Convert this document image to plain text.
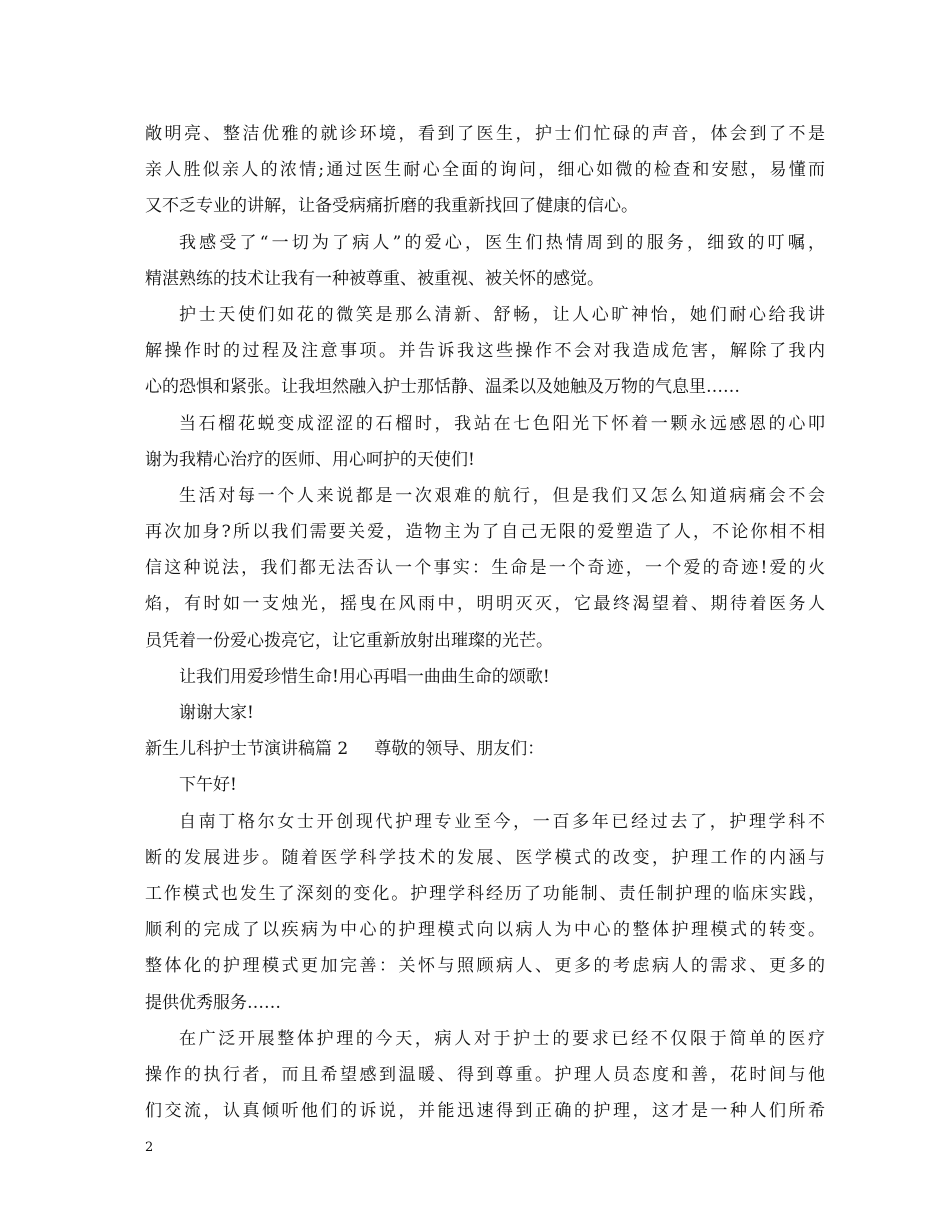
敞明亮、整洁优雅的就诊环境，看到了医生，护士们忙碌的声音，体会到了不是
亲人胜似亲人的浓情;通过医生耐心全面的询问，细心如微的检查和安慰，易懂而
又不乏专业的讲解，让备受病痛折磨的我重新找回了健康的信心。
我感受了“一切为了病人”的爱心，医生们热情周到的服务，细致的叮嘱，
精湛熟练的技术让我有一种被尊重、被重视、被关怀的感觉。
护士天使们如花的微笑是那么清新、舒畅，让人心旷神怡，她们耐心给我讲
解操作时的过程及注意事项。并告诉我这些操作不会对我造成危害，解除了我内
心的恐惧和紧张。让我坦然融入护士那恬静、温柔以及她触及万物的气息里……
当石榴花蜕变成涩涩的石榴时，我站在七色阳光下怀着一颗永远感恩的心叩
谢为我精心治疗的医师、用心呵护的天使们!
生活对每一个人来说都是一次艰难的航行，但是我们又怎么知道病痛会不会
再次加身?所以我们需要关爱，造物主为了自己无限的爱塑造了人，不论你相不相
信这种说法，我们都无法否认一个事实：生命是一个奇迹，一个爱的奇迹!爱的火
焰，有时如一支烛光，摇曳在风雨中，明明灭灭，它最终渴望着、期待着医务人
员凭着一份爱心拨亮它，让它重新放射出璀璨的光芒。
让我们用爱珍惜生命!用心再唱一曲曲生命的颂歌!
谢谢大家!
新生儿科护士节演讲稿篇 2 尊敬的领导、朋友们：
下午好!
自南丁格尔女士开创现代护理专业至今，一百多年已经过去了，护理学科不
断的发展进步。随着医学科学技术的发展、医学模式的改变，护理工作的内涵与
工作模式也发生了深刻的变化。护理学科经历了功能制、责任制护理的临床实践，
顺利的完成了以疾病为中心的护理模式向以病人为中心的整体护理模式的转变。
整体化的护理模式更加完善：关怀与照顾病人、更多的考虑病人的需求、更多的
提供优秀服务……
在广泛开展整体护理的今天，病人对于护士的要求已经不仅限于简单的医疗
操作的执行者，而且希望感到温暖、得到尊重。护理人员态度和善，花时间与他
们交流，认真倾听他们的诉说，并能迅速得到正确的护理，这才是一种人们所希
2
